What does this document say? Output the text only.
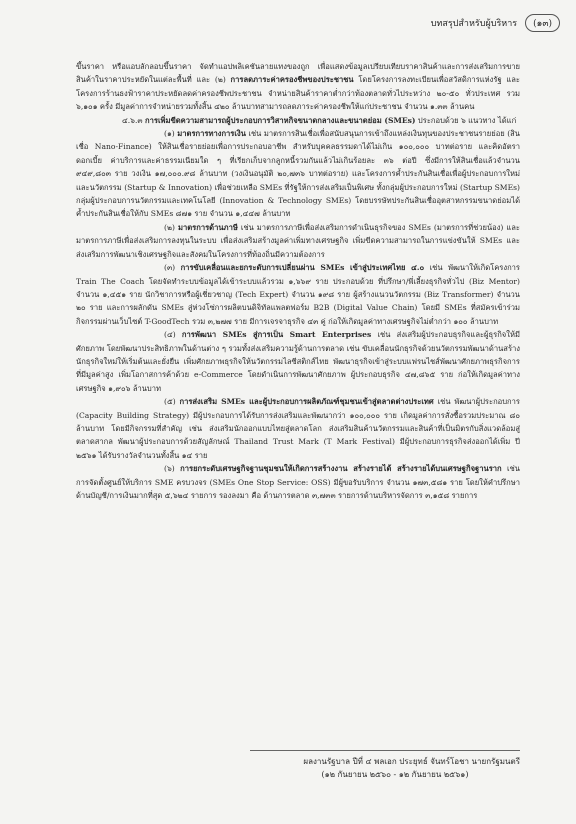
บทสรุปสำหรับผู้บริหาร	(๑๓)

ขึ้นราคา หรือแอบลักลอบขึ้นราคา จัดทำแอปพลิเคชันลายแทงของถูก เพื่อแสดงข้อมูลเปรียบเทียบราคาสินค้าและการส่งเสริมการขายสินค้าในราคาประหยัดในแต่ละพื้นที่ และ (๒) การลดภาระค่าครองชีพของประชาชน โดยโครงการลงทะเบียนเพื่อสวัสดิการแห่งรัฐ และโครงการร้านธงฟ้าราคาประหยัดลดค่าครองชีพประชาชน จำหน่ายสินค้าราคาต่ำกว่าท้องตลาดทั่วไประหว่าง ๒๐-๕๐ ทั่วประเทศ รวม ๖,๑๐๑ ครั้ง มีมูลค่าการจำหน่ายรวมทั้งสิ้น ๔๒๐ ล้านบาทสามารถลดภาระค่าครองชีพให้แก่ประชาชน จำนวน ๑.๓๓ ล้านคน

๔.๖.๓ การเพิ่มขีดความสามารถผู้ประกอบการวิสาหกิจขนาดกลางและขนาดย่อม (SMEs) ประกอบด้วย ๖ แนวทาง ได้แก่

(๑) มาตรการทางการเงิน เช่น มาตรการสินเชื่อเพื่อสนับสนุนการเข้าถึงแหล่งเงินทุนของประชาชนรายย่อย (สินเชื่อ Nano-Finance) ให้สินเชื่อรายย่อยเพื่อการประกอบอาชีพ สำหรับบุคคลธรรมดาได้ไม่เกิน ๑๐๐,๐๐๐ บาทต่อราย และคิดอัตราดอกเบี้ย ค่าบริการและค่าธรรมเนียมใด ๆ ที่เรียกเก็บจากลูกหนี้รวมกันแล้วไม่เกินร้อยละ ๓๖ ต่อปี ซึ่งมีการให้สินเชื่อแล้วจำนวน ๙๔๙,๘๐๓ ราย วงเงิน ๑๗,๐๐๐.๙๘ ล้านบาท (วงเงินอนุมัติ ๒๐,๗๓๖ บาทต่อราย) และโครงการค้ำประกันสินเชื่อเพื่อผู้ประกอบการใหม่และนวัตกรรม (Startup & Innovation) เพื่อช่วยเหลือ SMEs ที่รัฐให้การส่งเสริมเป็นพิเศษ ทั้งกลุ่มผู้ประกอบการใหม่ (Startup SMEs) กลุ่มผู้ประกอบการนวัตกรรมและเทคโนโลยี (Innovation & Technology SMEs) โดยบรรษัทประกันสินเชื่ออุตสาหกรรมขนาดย่อมได้ค้ำประกันสินเชื่อให้กับ SMEs ๘๗๑ ราย จำนวน ๑,๔๔๗ ล้านบาท

(๒) มาตรการด้านภาษี เช่น มาตรการภาษีเพื่อส่งเสริมการดำเนินธุรกิจของ SMEs (มาตรการที่ช่วยน้อง) และมาตรการภาษีเพื่อส่งเสริมการลงทุนในระบบ เพื่อส่งเสริมสร้างมูลค่าเพิ่มทางเศรษฐกิจ เพิ่มขีดความสามารถในการแข่งขันให้ SMEs และส่งเสริมการพัฒนาเชิงเศรษฐกิจและสังคมในโครงการที่ท้องถิ่นมีความต้องการ

(๓) การขับเคลื่อนและยกระดับการเปลี่ยนผ่าน SMEs เข้าสู่ประเทศไทย ๔.๐ เช่น พัฒนาให้เกิดโครงการ Train The Coach โดยจัดทำระบบข้อมูลได้เข้าระบบแล้วรวม ๑,๖๖๙ ราย ประกอบด้วย ที่ปรึกษา/พี่เลี้ยงธุรกิจทั่วไป (Biz Mentor) จำนวน ๑,๔๕๑ ราย นักวิชาการหรือผู้เชี่ยวชาญ (Tech Expert) จำนวน ๑๙๘ ราย ผู้สร้างแนวนวัตกรรม (Biz Transformer) จำนวน ๒๐ ราย และการผลักดัน SMEs สู่ห่วงโซ่การผลิตบนดิจิทัลแพลตฟอร์ม B2B (Digital Value Chain) โดยมี SMEs ที่สมัครเข้าร่วมกิจกรรมผ่านเว็บไซต์ T-GoodTech รวม ๓,๒๗๗ ราย มีการเจรจาธุรกิจ ๔๓ คู่ ก่อให้เกิดมูลค่าทางเศรษฐกิจไม่ต่ำกว่า ๑๐๐ ล้านบาท

(๔) การพัฒนา SMEs สู่การเป็น Smart Enterprises เช่น ส่งเสริมผู้ประกอบธุรกิจและผู้ธุรกิจให้มีศักยภาพ โดยพัฒนาประสิทธิภาพในด้านต่าง ๆ รวมทั้งส่งเสริมความรู้ด้านการตลาด เช่น ขับเคลื่อนนักธุรกิจด้วยนวัตกรรมพัฒนาด้านสร้างนักธุรกิจใหม่ให้เริ่มต้นและยั่งยืน เพิ่มศักยภาพธุรกิจให้นวัตกรรมไลซีสติกส์ไทย พัฒนาธุรกิจเข้าสู่ระบบแฟรนไชส์พัฒนาศักยภาพธุรกิจการที่มีมูลค่าสูง เพิ่มโอกาสการค้าด้วย e-Commerce โดยดำเนินการพัฒนาศักยภาพ ผู้ประกอบธุรกิจ ๔๗,๘๖๕ ราย ก่อให้เกิดมูลค่าทางเศรษฐกิจ ๑,๙๐๖ ล้านบาท

(๕) การส่งเสริม SMEs และผู้ประกอบการผลิตภัณฑ์ชุมชนเข้าสู่ตลาดต่างประเทศ เช่น พัฒนาผู้ประกอบการ (Capacity Building Strategy) มีผู้ประกอบการได้รับการส่งเสริมและพัฒนากว่า ๑๐๐,๐๐๐ ราย เกิดมูลค่าการสั่งซื้อรวมประมาณ ๘๐ ล้านบาท โดยมีกิจกรรมที่สำคัญ เช่น ส่งเสริมนักออกแบบไทยสู่ตลาดโลก ส่งเสริมสินค้านวัตกรรมและสินค้าที่เป็นมิตรกับสิ่งแวดล้อมสู่ตลาดสากล พัฒนาผู้ประกอบการด้วยสัญลักษณ์ Thailand Trust Mark (T Mark Festival) มีผู้ประกอบการธุรกิจส่งออกได้เพิ่ม ปี ๒๕๖๑ ได้รับรางวัลจำนวนทั้งสิ้น ๑๔ ราย

(๖) การยกระดับเศรษฐกิจฐานชุมชนให้เกิดการสร้างงาน สร้างรายได้ สร้างรายได้บนเศรษฐกิจฐานราก เช่น การจัดตั้งศูนย์ให้บริการ SME ครบวงจร (SMEs One Stop Service: OSS) มีผู้ขอรับบริการ จำนวน ๑๗๓,๕๘๑ ราย โดยให้คำปรึกษาด้านบัญชี/การเงินมากที่สุด ๕,๖๒๔ รายการ รองลงมา คือ ด้านการตลาด ๓,๗๓๓ รายการด้านบริหารจัดการ ๓,๑๕๘ รายการ

ผลงานรัฐบาล ปีที่ ๔ พลเอก ประยุทธ์ จันทร์โอชา นายกรัฐมนตรี
(๑๒ กันยายน ๒๕๖๐ - ๑๒ กันยายน ๒๕๖๑)
